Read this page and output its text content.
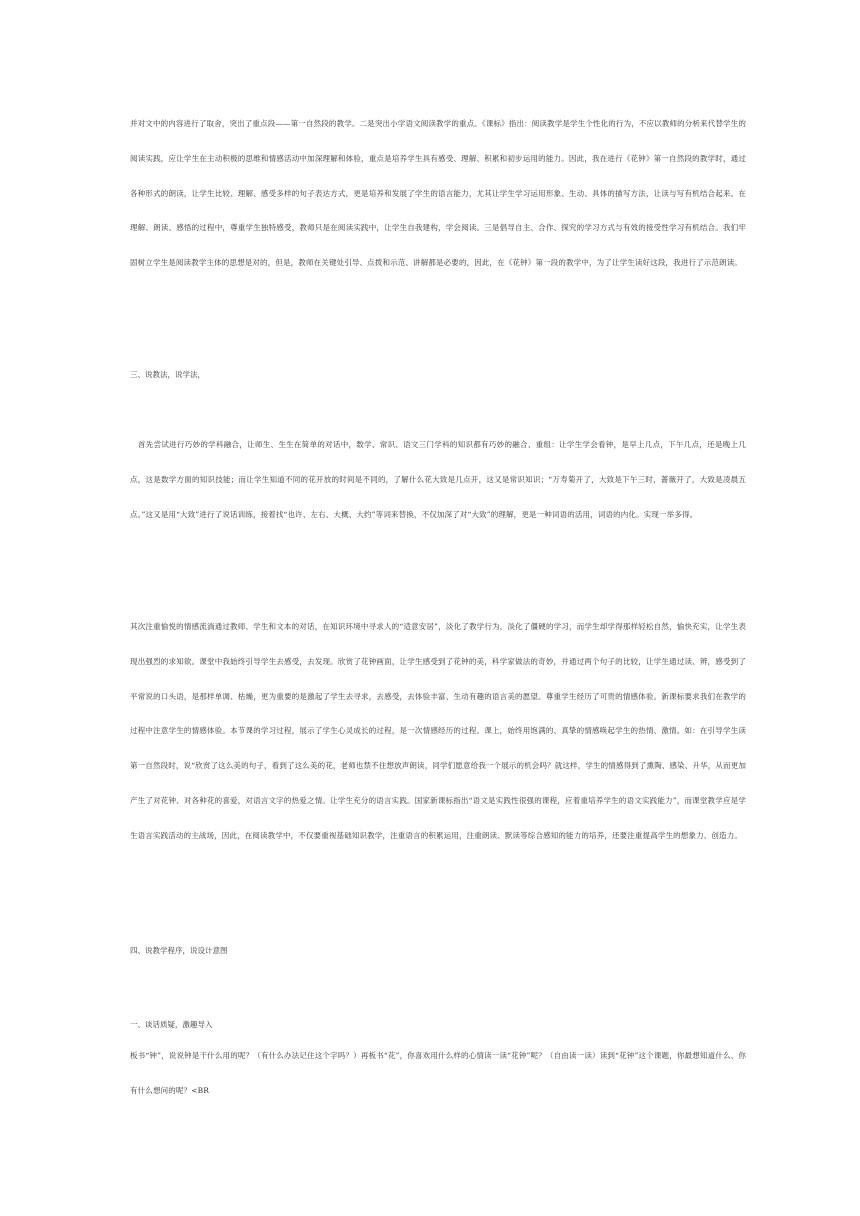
并对文中的内容进行了取舍，突出了重点段——第一自然段的教学。二是突出小学语文阅读教学的重点。《课标》指出：阅读教学是学生个性化的行为，不应以教师的分析来代替学生的阅读实践，应让学生在主动积极的思维和情感活动中加深理解和体验，重点是培养学生具有感受、理解、积累和初步运用的能力。因此，我在进行《花钟》第一自然段的教学时，通过各种形式的朗读，让学生比较、理解、感受多样的句子表达方式，更是培养和发展了学生的语言能力，尤其让学生学习运用形象、生动、具体的描写方法，让读与写有机结合起来。在理解、朗读、感悟的过程中，尊重学生独特感受，教师只是在阅读实践中，让学生自我建构，学会阅读。三是倡导自主、合作、探究的学习方式与有效的接受性学习有机结合。我们牢固树立学生是阅读教学主体的思想是对的，但是，教师在关键处引导、点拨和示范、讲解都是必要的，因此，在《花钟》第一段的教学中，为了让学生读好这段，我进行了示范朗读。

三、说教法，说学法，

首先尝试进行巧妙的学科融合，让师生、生生在简单的对话中，数学、常识、语文三门学科的知识都有巧妙的融合、重组：让学生学会看钟，是早上几点，下午几点，还是晚上几点，这是数学方面的知识技能；而让学生知道不同的花开放的时间是不同的，了解什么花大致是几点开，这又是常识知识；“万寿菊开了，大致是下午三时，蔷薇开了，大致是凌晨五点。”这又是用“大致”进行了说话训练，接着找“也许、左右、大概、大约”等词来替换，不仅加深了对“大致”的理解，更是一种词语的活用，词语的内化。实现一举多得。

其次注重愉悦的情感流淌通过教师、学生和文本的对话，在知识环境中寻求人的“适意安居”，淡化了教学行为，淡化了僵硬的学习，而学生却学得那样轻松自然，愉快充实，让学生表现出强烈的求知欲。课堂中我始终引导学生去感受，去发现。欣赏了花钟画面，让学生感受到了花钟的美，科学家做法的奇妙，并通过两个句子的比较，让学生通过读、辨，感受到了平常说的口头语，是那样单调、枯燥，更为重要的是激起了学生去寻求，去感受，去体验丰富、生动有趣的语言美的愿望。尊重学生经历了可贵的情感体验。新课标要求我们在教学的过程中注意学生的情感体验。本节课的学习过程，展示了学生心灵成长的过程，是一次情感经历的过程。课上，始终用饱满的、真挚的情感唤起学生的热情、激情。如：在引导学生读第一自然段时，说“欣赏了这么美的句子，看到了这么美的花，老师也禁不住想放声朗读，同学们愿意给我一个展示的机会吗？就这样，学生的情感得到了熏陶、感染、升华，从而更加产生了对花钟、对各种花的喜爱，对语言文字的热爱之情。让学生充分的语言实践。国家新课标指出“语文是实践性很强的课程，应着重培养学生的语文实践能力”，而课堂教学应是学生语言实践活动的主战场，因此，在阅读教学中，不仅要重视基础知识教学，注重语言的积累运用，注重朗读、默读等综合感知的能力的培养，还要注重提高学生的想象力、创造力。

四、说教学程序，说设计意图

一、谈话质疑，激趣导入

板书“钟”，说说钟是干什么用的呢？（有什么办法记住这个字吗？）再板书“花”，你喜欢用什么样的心情读一读“花钟”呢？（自由读一读）读到“花钟”这个课题，你最想知道什么、你有什么想问的呢？<BR
